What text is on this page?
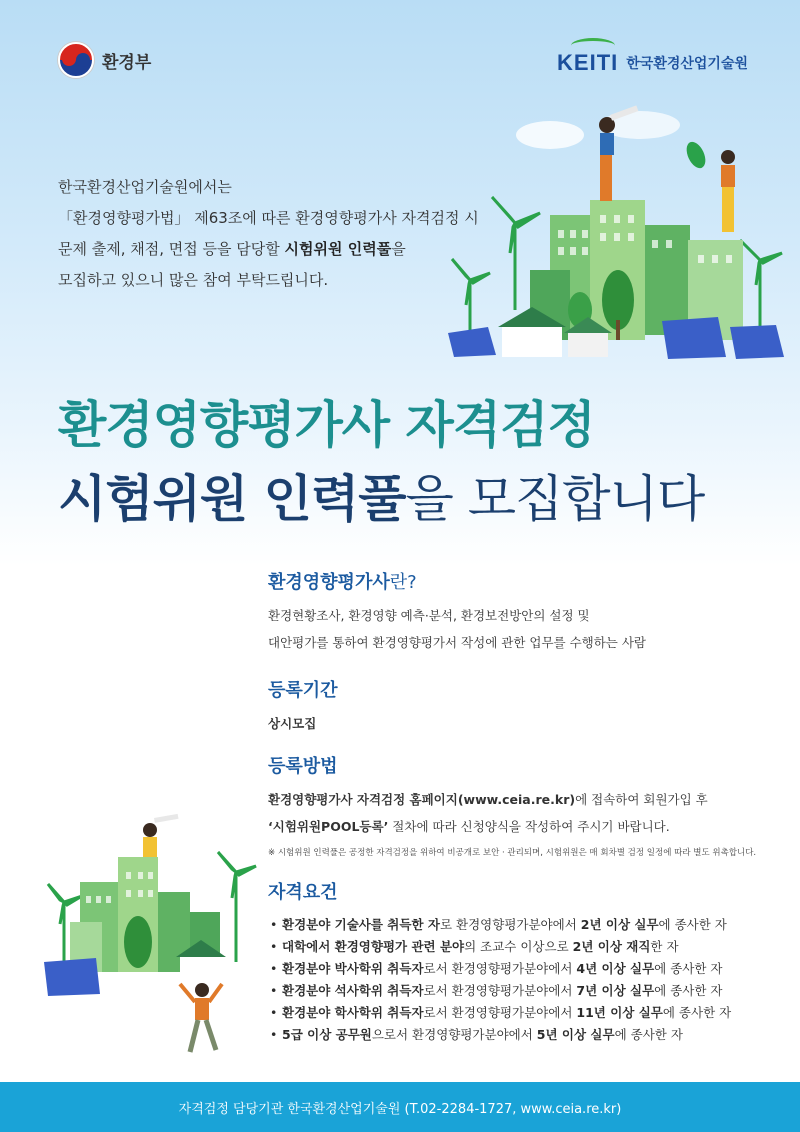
환경부	KEITI 한국환경산업기술원
한국환경산업기술원에서는
「환경영향평가법」 제63조에 따른 환경영향평가사 자격검정 시
문제 출제, 채점, 면접 등을 담당할 시험위원 인력풀을
모집하고 있으니 많은 참여 부탁드립니다.
환경영향평가사 자격검정
시험위원 인력풀을 모집합니다
환경영향평가사란?
환경현황조사, 환경영향 예측·분석, 환경보전방안의 설정 및
대안평가를 통하여 환경영향평가서 작성에 관한 업무를 수행하는 사람
등록기간
상시모집
등록방법
환경영향평가사 자격검정 홈페이지(www.ceia.re.kr)에 접속하여 회원가입 후
‘시험위원POOL등록’ 절차에 따라 신청양식을 작성하여 주시기 바랍니다.
※ 시험위원 인력풀은 공정한 자격검정을 위하여 비공개로 보안 · 관리되며, 시험위원은 매 회차별 검정 일정에 따라 별도 위촉합니다.
자격요건
• 환경분야 기술사를 취득한 자로 환경영향평가분야에서 2년 이상 실무에 종사한 자
• 대학에서 환경영향평가 관련 분야의 조교수 이상으로 2년 이상 재직한 자
• 환경분야 박사학위 취득자로서 환경영향평가분야에서 4년 이상 실무에 종사한 자
• 환경분야 석사학위 취득자로서 환경영향평가분야에서 7년 이상 실무에 종사한 자
• 환경분야 학사학위 취득자로서 환경영향평가분야에서 11년 이상 실무에 종사한 자
• 5급 이상 공무원으로서 환경영향평가분야에서 5년 이상 실무에 종사한 자
자격검정 담당기관 한국환경산업기술원 (T.02-2284-1727, www.ceia.re.kr)
